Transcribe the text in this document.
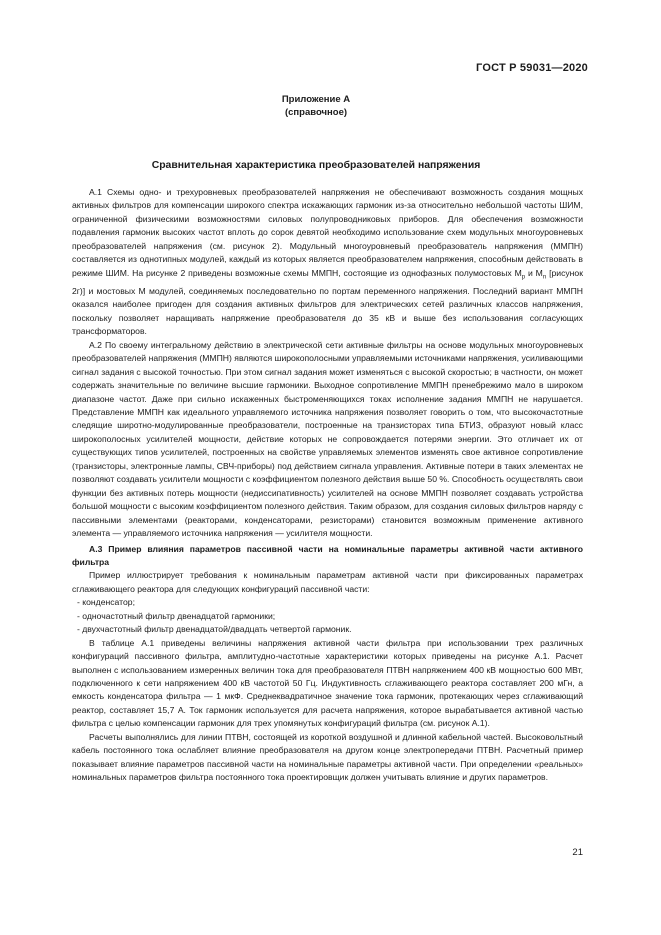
ГОСТ Р 59031—2020
Приложение А
(справочное)
Сравнительная характеристика преобразователей напряжения

А.1 Схемы одно- и трехуровневых преобразователей напряжения не обеспечивают возможность создания мощных активных фильтров для компенсации широкого спектра искажающих гармоник из-за относительно небольшой частоты ШИМ, ограниченной физическими возможностями силовых полупроводниковых приборов. Для обеспечения возможности подавления гармоник высоких частот вплоть до сорок девятой необходимо использование схем модульных многоуровневых преобразователей напряжения (см. рисунок 2). Модульный многоуровневый преобразователь напряжения (ММПН) составляется из однотипных модулей, каждый из которых является преобразователем напряжения, способным действовать в режиме ШИМ. На рисунке 2 приведены возможные схемы ММПН, состоящие из однофазных полумостовых $M_p$ и $M_n$ [рисунок 2г)] и мостовых M модулей, соединяемых последовательно по портам переменного напряжения. Последний вариант ММПН оказался наиболее пригоден для создания активных фильтров для электрических сетей различных классов напряжения, поскольку позволяет наращивать напряжение преобразователя до 35 кВ и выше без использования согласующих трансформаторов.

А.2 По своему интегральному действию в электрической сети активные фильтры на основе модульных многоуровневых преобразователей напряжения (ММПН) являются широкополосными управляемыми источниками напряжения, усиливающими сигнал задания с высокой точностью. При этом сигнал задания может изменяться с высокой скоростью; в частности, он может содержать значительные по величине высшие гармоники. Выходное сопротивление ММПН пренебрежимо мало в широком диапазоне частот. Даже при сильно искаженных быстроменяющихся токах исполнение задания ММПН не нарушается. Представление ММПН как идеального управляемого источника напряжения позволяет говорить о том, что высокочастотные следящие широтно-модулированные преобразователи, построенные на транзисторах типа БТИЗ, образуют новый класс широкополосных усилителей мощности, действие которых не сопровождается потерями энергии. Это отличает их от существующих типов усилителей, построенных на свойстве управляемых элементов изменять свое активное сопротивление (транзисторы, электронные лампы, СВЧ-приборы) под действием сигнала управления. Активные потери в таких элементах не позволяют создавать усилители мощности с коэффициентом полезного действия выше 50 %. Способность осуществлять свои функции без активных потерь мощности (недиссипативность) усилителей на основе ММПН позволяет создавать устройства большой мощности с высоким коэффициентом полезного действия. Таким образом, для создания силовых фильтров наряду с пассивными элементами (реакторами, конденсаторами, резисторами) становится возможным применение активного элемента — управляемого источника напряжения — усилителя мощности.

А.3 Пример влияния параметров пассивной части на номинальные параметры активной части активного фильтра

Пример иллюстрирует требования к номинальным параметрам активной части при фиксированных параметрах сглаживающего реактора для следующих конфигураций пассивной части:

- конденсатор;
- одночастотный фильтр двенадцатой гармоники;
- двухчастотный фильтр двенадцатой/двадцать четвертой гармоник.

В таблице А.1 приведены величины напряжения активной части фильтра при использовании трех различных конфигураций пассивного фильтра, амплитудно-частотные характеристики которых приведены на рисунке А.1. Расчет выполнен с использованием измеренных величин тока для преобразователя ПТВН напряжением 400 кВ мощностью 600 МВт, подключенного к сети напряжением 400 кВ частотой 50 Гц. Индуктивность сглаживающего реактора составляет 200 мГн, а емкость конденсатора фильтра — 1 мкФ. Среднеквадратичное значение тока гармоник, протекающих через сглаживающий реактор, составляет 15,7 А. Ток гармоник используется для расчета напряжения, которое вырабатывается активной частью фильтра с целью компенсации гармоник для трех упомянутых конфигураций фильтра (см. рисунок А.1).

Расчеты выполнялись для линии ПТВН, состоящей из короткой воздушной и длинной кабельной частей. Высоковольтный кабель постоянного тока ослабляет влияние преобразователя на другом конце электропередачи ПТВН. Расчетный пример показывает влияние параметров пассивной части на номинальные параметры активной части. При определении «реальных» номинальных параметров фильтра постоянного тока проектировщик должен учитывать влияние и других параметров.

21
